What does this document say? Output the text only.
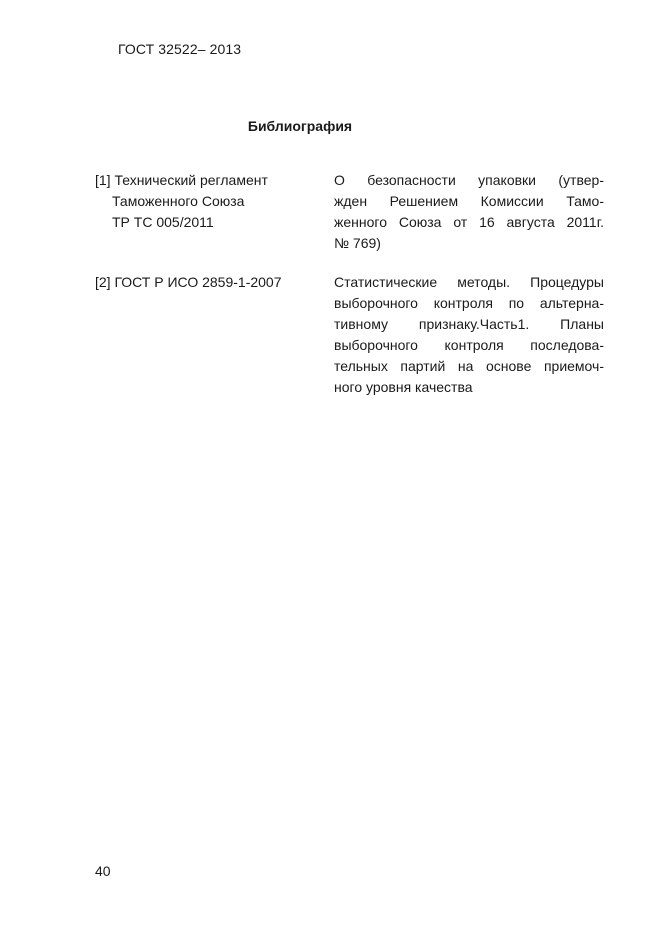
ГОСТ 32522– 2013
Библиография
[1] Технический регламент
Таможенного Союза
ТР ТС 005/2011
О безопасности упаковки (утвер-
жден Решением Комиссии Тамо-
женного Союза от 16 августа 2011г.
№ 769)
[2] ГОСТ Р ИСО 2859-1-2007	Статистические методы. Процедуры
выборочного контроля по альтерна-
тивному признаку.Часть1. Планы
выборочного контроля последова-
тельных партий на основе приемоч-
ного уровня качества
40
